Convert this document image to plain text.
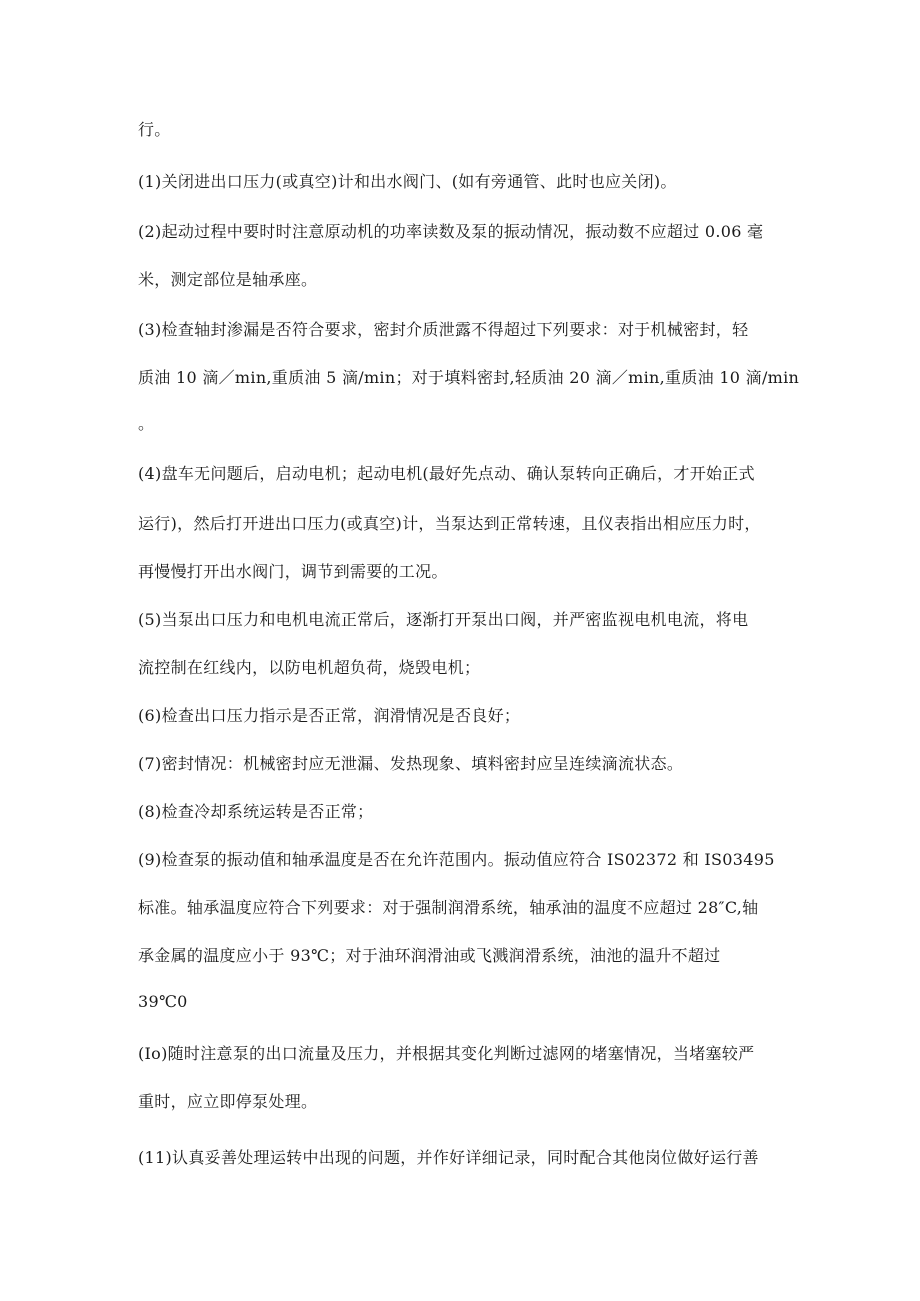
行。
(1)关闭进出口压力(或真空)计和出水阀门、(如有旁通管、此时也应关闭)。
(2)起动过程中要时时注意原动机的功率读数及泵的振动情况，振动数不应超过 0.06 毫
米，测定部位是轴承座。
(3)检查轴封渗漏是否符合要求，密封介质泄露不得超过下列要求：对于机械密封，轻
质油 10 滴／min,重质油 5 滴/min；对于填料密封,轻质油 20 滴／min,重质油 10 滴/min
。
(4)盘车无问题后，启动电机；起动电机(最好先点动、确认泵转向正确后，才开始正式
运行)，然后打开进出口压力(或真空)计，当泵达到正常转速，且仪表指出相应压力时，
再慢慢打开出水阀门，调节到需要的工况。
(5)当泵出口压力和电机电流正常后，逐渐打开泵出口阀，并严密监视电机电流，将电
流控制在红线内，以防电机超负荷，烧毁电机；
(6)检查出口压力指示是否正常，润滑情况是否良好；
(7)密封情况：机械密封应无泄漏、发热现象、填料密封应呈连续滴流状态。
(8)检查冷却系统运转是否正常；
(9)检查泵的振动值和轴承温度是否在允许范围内。振动值应符合 IS02372 和 IS03495
标准。轴承温度应符合下列要求：对于强制润滑系统，轴承油的温度不应超过 28″C,轴
承金属的温度应小于 93℃；对于油环润滑油或飞溅润滑系统，油池的温升不超过
39℃0
(Io)随时注意泵的出口流量及压力，并根据其变化判断过滤网的堵塞情况，当堵塞较严
重时，应立即停泵处理。
(11)认真妥善处理运转中出现的问题，并作好详细记录，同时配合其他岗位做好运行善
